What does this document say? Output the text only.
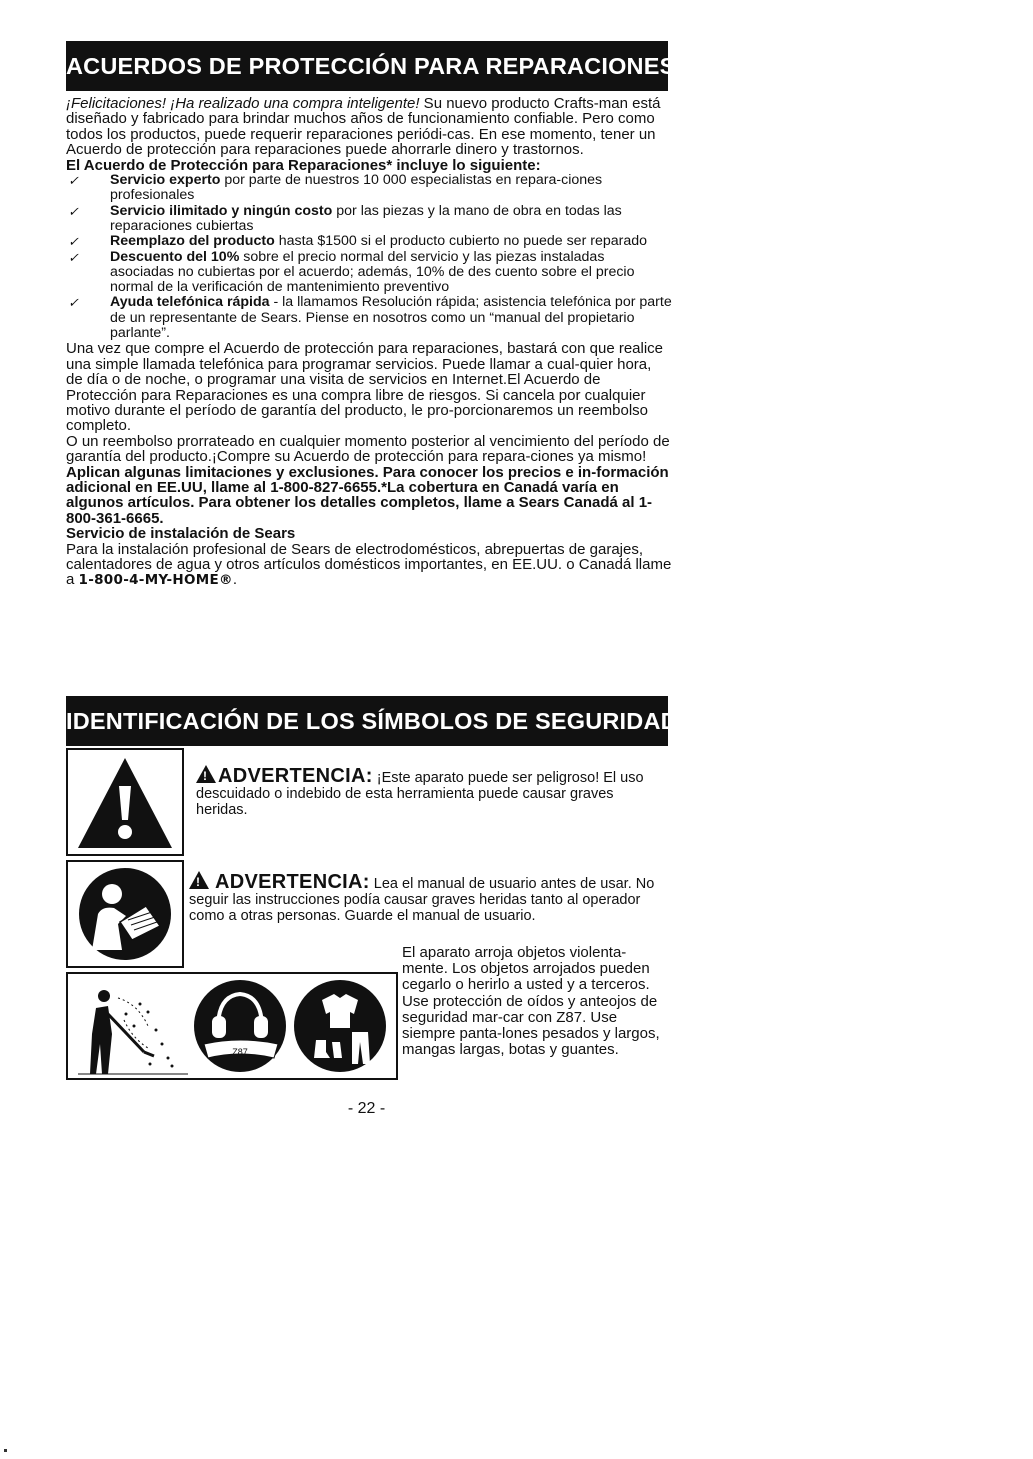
ACUERDOS DE PROTECCIÓN PARA REPARACIONES

¡Felicitaciones! ¡Ha realizado una compra inteligente! Su nuevo producto Crafts-man está diseñado y fabricado para brindar muchos años de funcionamiento confiable. Pero como todos los productos, puede requerir reparaciones periódi-cas. En ese momento, tener un Acuerdo de protección para reparaciones puede ahorrarle dinero y trastornos.

El Acuerdo de Protección para Reparaciones* incluye lo siguiente:

✓ Servicio experto por parte de nuestros 10 000 especialistas en repara-ciones profesionales
✓ Servicio ilimitado y ningún costo por las piezas y la mano de obra en todas las reparaciones cubiertas
✓ Reemplazo del producto hasta $1500 si el producto cubierto no puede ser reparado
✓ Descuento del 10% sobre el precio normal del servicio y las piezas instaladas asociadas no cubiertas por el acuerdo; además, 10% de des cuento sobre el precio normal de la verificación de mantenimiento preventivo
✓ Ayuda telefónica rápida - la llamamos Resolución rápida; asistencia telefónica por parte de un representante de Sears. Piense en nosotros como un “manual del propietario parlante”.

Una vez que compre el Acuerdo de protección para reparaciones, bastará con que realice una simple llamada telefónica para programar servicios. Puede llamar a cual-quier hora, de día o de noche, o programar una visita de servicios en Internet.El Acuerdo de Protección para Reparaciones es una compra libre de riesgos. Si cancela por cualquier motivo durante el período de garantía del producto, le pro-porcionaremos un reembolso completo.

O un reembolso prorrateado en cualquier momento posterior al vencimiento del período de garantía del producto.¡Compre su Acuerdo de protección para repara-ciones ya mismo!

Aplican algunas limitaciones y exclusiones. Para conocer los precios e in-formación adicional en EE.UU, llame al 1-800-827-6655.*La cobertura en Canadá varía en algunos artículos. Para obtener los detalles completos, llame a Sears Canadá al 1-800-361-6665.

Servicio de instalación de Sears

Para la instalación profesional de Sears de electrodomésticos, abrepuertas de garajes, calentadores de agua y otros artículos domésticos importantes, en EE.UU. o Canadá llame a 1-800-4-MY-HOME®.

IDENTIFICACIÓN DE LOS SÍMBOLOS DE SEGURIDAD
!ADVERTENCIA: ¡Este aparato puede ser peligroso! El uso descuidado o indebido de esta herramienta puede causar graves heridas.
! ADVERTENCIA: Lea el manual de usuario antes de usar. No seguir las instrucciones podía causar graves heridas tanto al operador como a otras personas. Guarde el manual de usuario.
Z87
El aparato arroja objetos violenta-mente. Los objetos arrojados pueden cegarlo o herirlo a usted y a terceros. Use protección de oídos y anteojos de seguridad mar-car con Z87. Use siempre panta-lones pesados y largos, mangas largas, botas y guantes.
- 22 -
